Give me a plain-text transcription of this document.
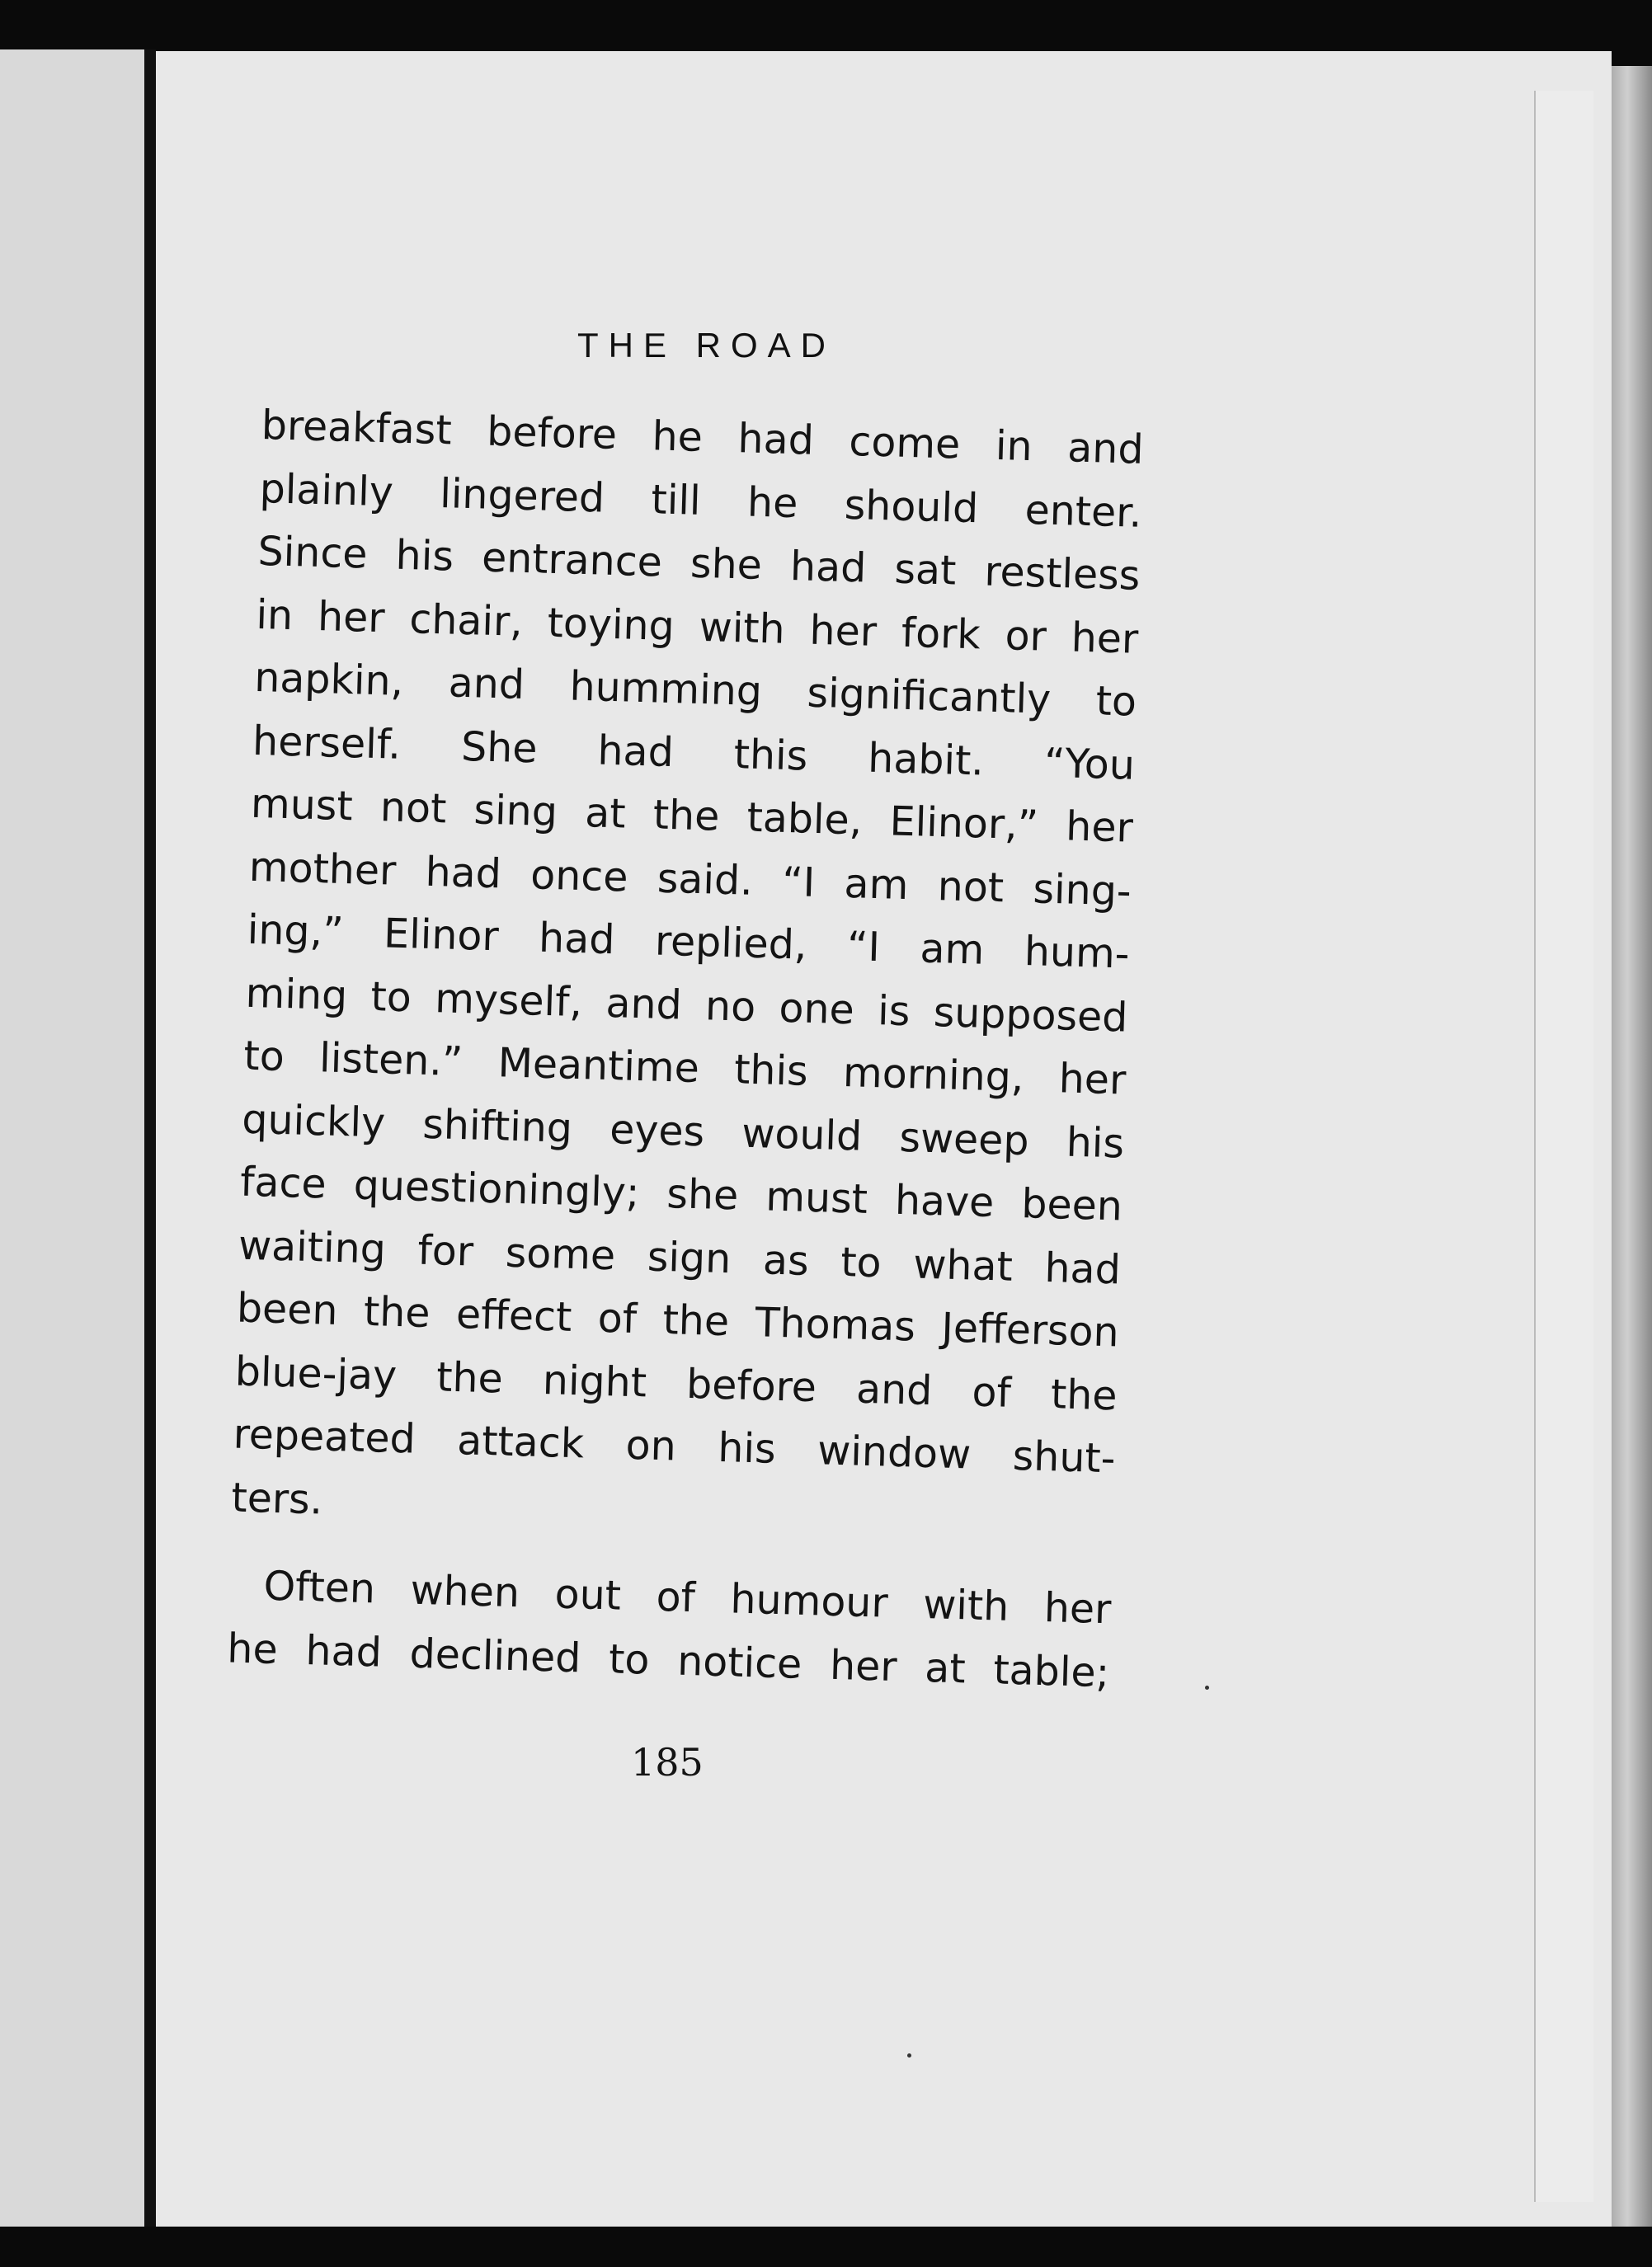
THE ROAD
breakfast before he had come in and
plainly lingered till he should enter.
Since his entrance she had sat restless
in her chair, toying with her fork or her
napkin, and humming significantly to
herself. She had this habit. “You
must not sing at the table, Elinor,” her
mother had once said. “I am not sing-
ing,” Elinor had replied, “I am hum-
ming to myself, and no one is supposed
to listen.” Meantime this morning, her
quickly shifting eyes would sweep his
face questioningly; she must have been
waiting for some sign as to what had
been the effect of the Thomas Jefferson
blue-jay the night before and of the
repeated attack on his window shut-
ters.
Often when out of humour with her
he had declined to notice her at table;
185
